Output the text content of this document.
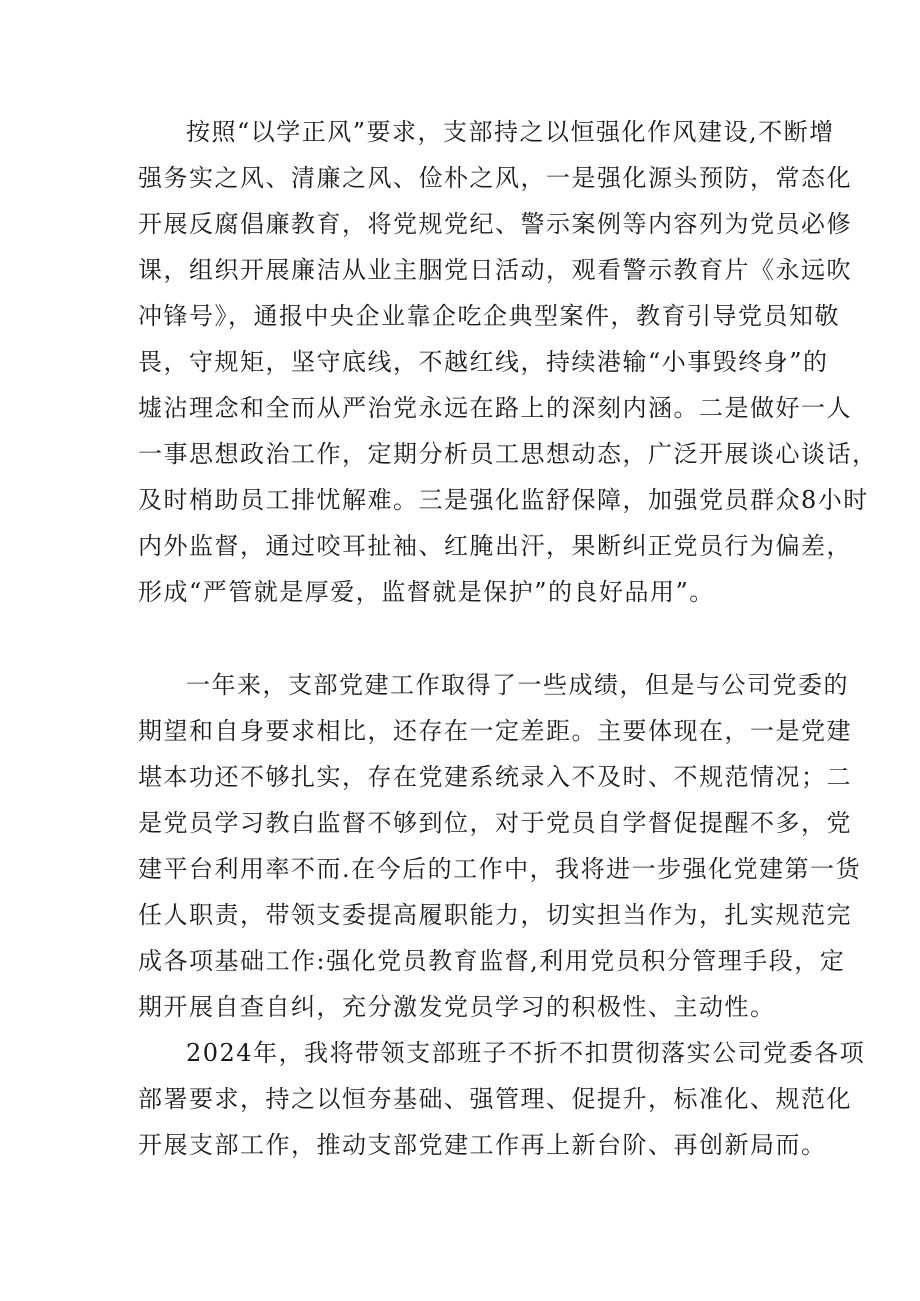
按照“以学正风”要求，支部持之以恒强化作风建设,不断增
强务实之风、清廉之风、俭朴之风，一是强化源头预防，常态化
开展反腐倡廉教育，将党规党纪、警示案例等内容列为党员必修
课，组织开展廉洁从业主胭党日活动，观看警示教育片《永远吹
冲锋号》，通报中央企业靠企吃企典型案件，教育引导党员知敬
畏，守规矩，坚守底线，不越红线，持续港输“小事毁终身”的
墟沾理念和全而从严治党永远在路上的深刻内涵。二是做好一人
一事思想政治工作，定期分析员工思想动态，广泛开展谈心谈话，
及时梢助员工排忧解难。三是强化监舒保障，加强党员群众8小时
内外监督，通过咬耳扯袖、红腌出汗，果断纠正党员行为偏差，
形成“严管就是厚爱，监督就是保护”的良好品用”。
一年来，支部党建工作取得了一些成绩，但是与公司党委的
期望和自身要求相比，还存在一定差距。主要体现在，一是党建
堪本功还不够扎实，存在党建系统录入不及时、不规范情况；二
是党员学习教白监督不够到位，对于党员自学督促提醒不多，党
建平台利用率不而.在今后的工作中，我将进一步强化党建第一货
任人职责，带领支委提高履职能力，切实担当作为，扎实规范完
成各项基础工作:强化党员教育监督,利用党员积分管理手段，定
期开展自查自纠，充分激发党员学习的积极性、主动性。
2024年，我将带领支部班子不折不扣贯彻落实公司党委各项
部署要求，持之以恒夯基础、强管理、促提升，标准化、规范化
开展支部工作，推动支部党建工作再上新台阶、再创新局而。
